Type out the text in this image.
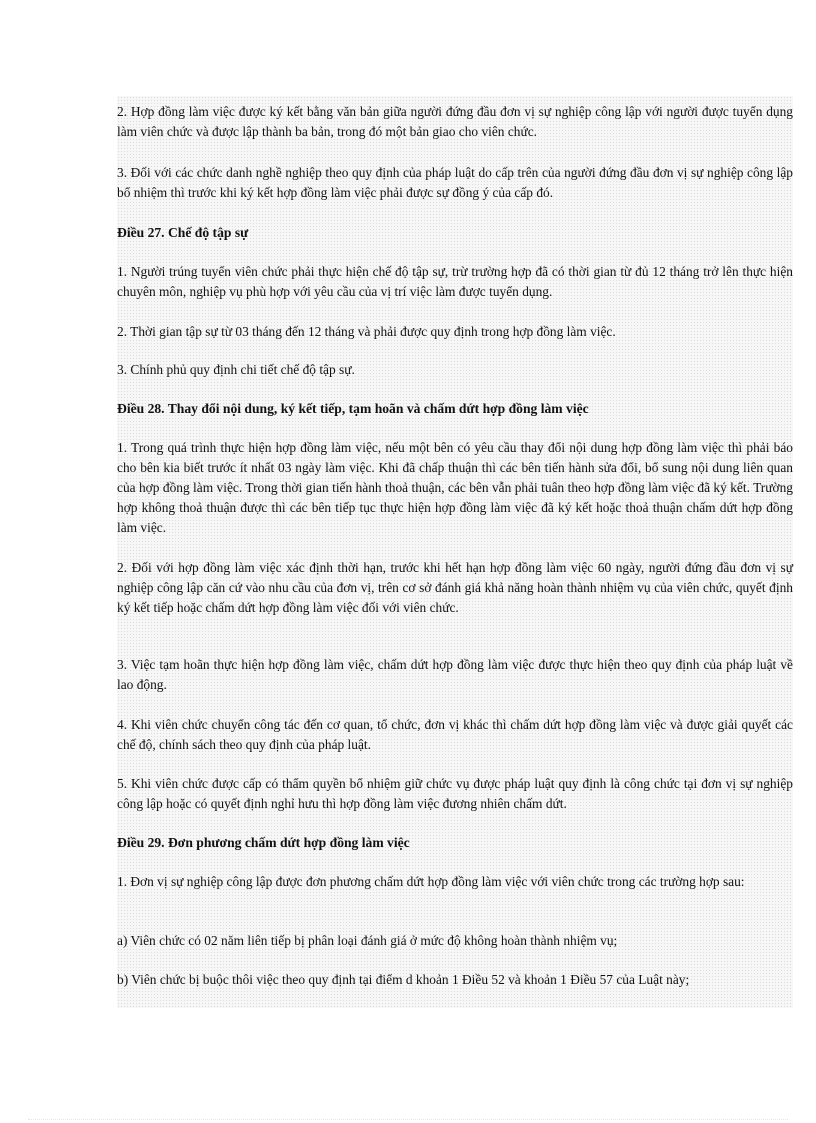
2. Hợp đồng làm việc được ký kết bằng văn bản giữa người đứng đầu đơn vị sự nghiệp công lập với người được tuyển dụng làm viên chức và được lập thành ba bản, trong đó một bản giao cho viên chức.

3. Đối với các chức danh nghề nghiệp theo quy định của pháp luật do cấp trên của người đứng đầu đơn vị sự nghiệp công lập bổ nhiệm thì trước khi ký kết hợp đồng làm việc phải được sự đồng ý của cấp đó.

Điều 27. Chế độ tập sự

1. Người trúng tuyển viên chức phải thực hiện chế độ tập sự, trừ trường hợp đã có thời gian từ đủ 12 tháng trở lên thực hiện chuyên môn, nghiệp vụ phù hợp với yêu cầu của vị trí việc làm được tuyển dụng.

2. Thời gian tập sự từ 03 tháng đến 12 tháng và phải được quy định trong hợp đồng làm việc.

3. Chính phủ quy định chi tiết chế độ tập sự.

Điều 28. Thay đổi nội dung, ký kết tiếp, tạm hoãn và chấm dứt hợp đồng làm việc

1. Trong quá trình thực hiện hợp đồng làm việc, nếu một bên có yêu cầu thay đổi nội dung hợp đồng làm việc thì phải báo cho bên kia biết trước ít nhất 03 ngày làm việc. Khi đã chấp thuận thì các bên tiến hành sửa đổi, bổ sung nội dung liên quan của hợp đồng làm việc. Trong thời gian tiến hành thoả thuận, các bên vẫn phải tuân theo hợp đồng làm việc đã ký kết. Trường hợp không thoả thuận được thì các bên tiếp tục thực hiện hợp đồng làm việc đã ký kết hoặc thoả thuận chấm dứt hợp đồng làm việc.

2. Đối với hợp đồng làm việc xác định thời hạn, trước khi hết hạn hợp đồng làm việc 60 ngày, người đứng đầu đơn vị sự nghiệp công lập căn cứ vào nhu cầu của đơn vị, trên cơ sở đánh giá khả năng hoàn thành nhiệm vụ của viên chức, quyết định ký kết tiếp hoặc chấm dứt hợp đồng làm việc đối với viên chức.

3. Việc tạm hoãn thực hiện hợp đồng làm việc, chấm dứt hợp đồng làm việc được thực hiện theo quy định của pháp luật về lao động.

4. Khi viên chức chuyển công tác đến cơ quan, tổ chức, đơn vị khác thì chấm dứt hợp đồng làm việc và được giải quyết các chế độ, chính sách theo quy định của pháp luật.

5. Khi viên chức được cấp có thẩm quyền bổ nhiệm giữ chức vụ được pháp luật quy định là công chức tại đơn vị sự nghiệp công lập hoặc có quyết định nghỉ hưu thì hợp đồng làm việc đương nhiên chấm dứt.

Điều 29. Đơn phương chấm dứt hợp đồng làm việc

1. Đơn vị sự nghiệp công lập được đơn phương chấm dứt hợp đồng làm việc với viên chức trong các trường hợp sau:

a) Viên chức có 02 năm liên tiếp bị phân loại đánh giá ở mức độ không hoàn thành nhiệm vụ;

b) Viên chức bị buộc thôi việc theo quy định tại điểm d khoản 1 Điều 52 và khoản 1 Điều 57 của Luật này;
